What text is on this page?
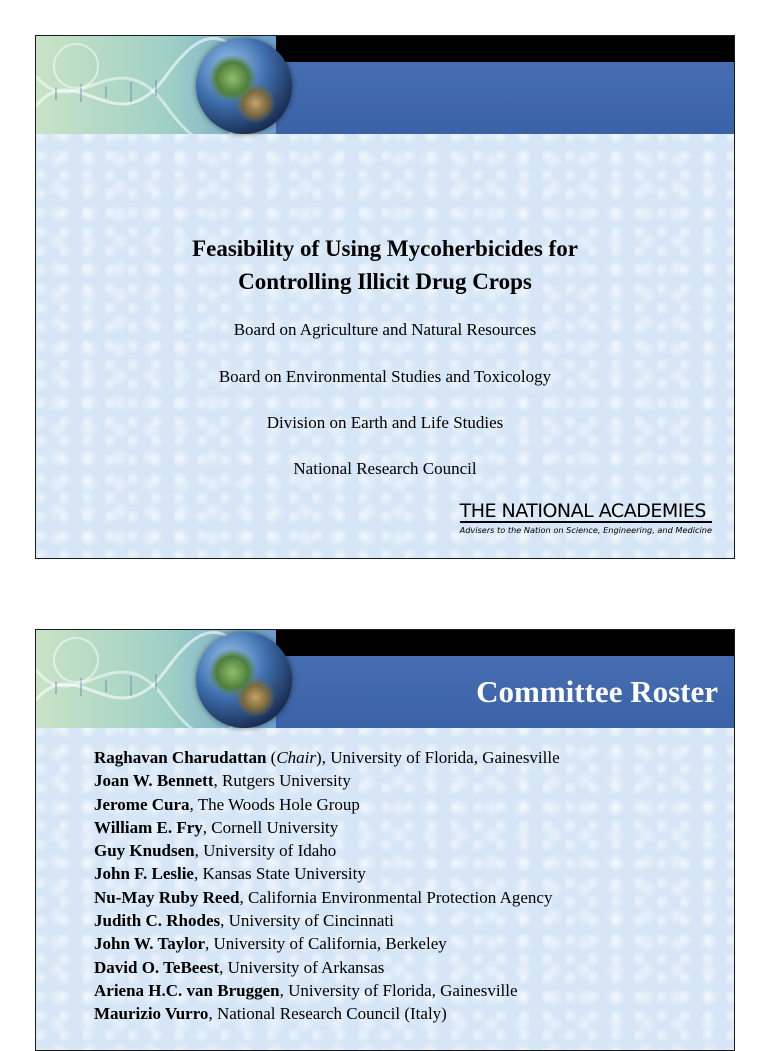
Feasibility of Using Mycoherbicides for
Controlling Illicit Drug Crops
Board on Agriculture and Natural Resources
Board on Environmental Studies and Toxicology
Division on Earth and Life Studies
National Research Council
THE NATIONAL ACADEMIES
Advisers to the Nation on Science, Engineering, and Medicine
Committee Roster
Raghavan Charudattan (Chair), University of Florida, Gainesville
Joan W. Bennett, Rutgers University
Jerome Cura, The Woods Hole Group
William E. Fry, Cornell University
Guy Knudsen, University of Idaho
John F. Leslie, Kansas State University
Nu-May Ruby Reed, California Environmental Protection Agency
Judith C. Rhodes, University of Cincinnati
John W. Taylor, University of California, Berkeley
David O. TeBeest, University of Arkansas
Ariena H.C. van Bruggen, University of Florida, Gainesville
Maurizio Vurro, National Research Council (Italy)
